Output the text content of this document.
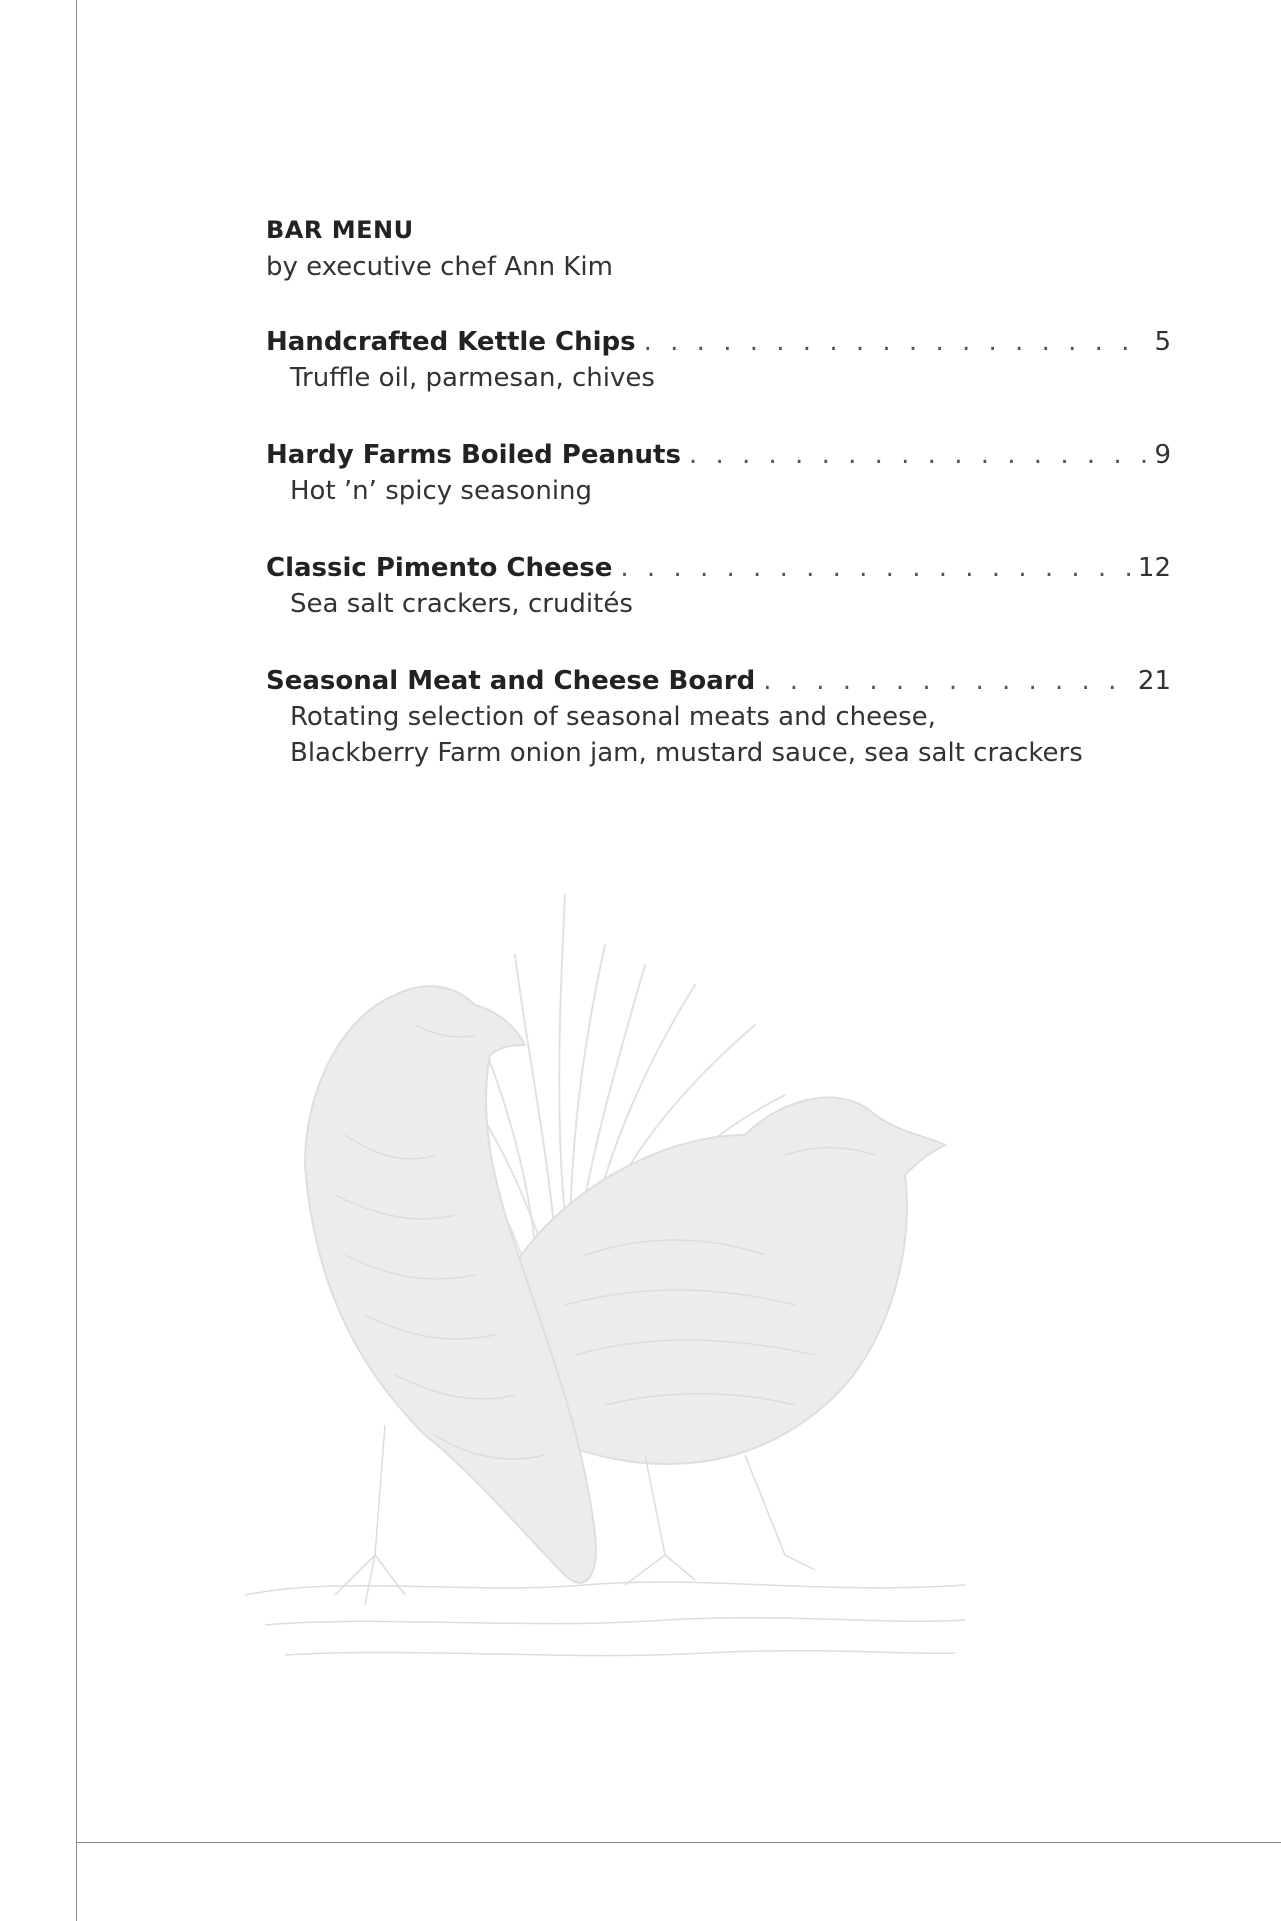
BAR MENU
by executive chef Ann Kim
Handcrafted Kettle Chips . . .	5
Truffle oil, parmesan, chives
Hardy Farms Boiled Peanuts . . .	9
Hot ’n’ spicy seasoning
Classic Pimento Cheese . . .	12
Sea salt crackers, crudités
Seasonal Meat and Cheese Board . . .	21
Rotating selection of seasonal meats and cheese,
Blackberry Farm onion jam, mustard sauce, sea salt crackers
